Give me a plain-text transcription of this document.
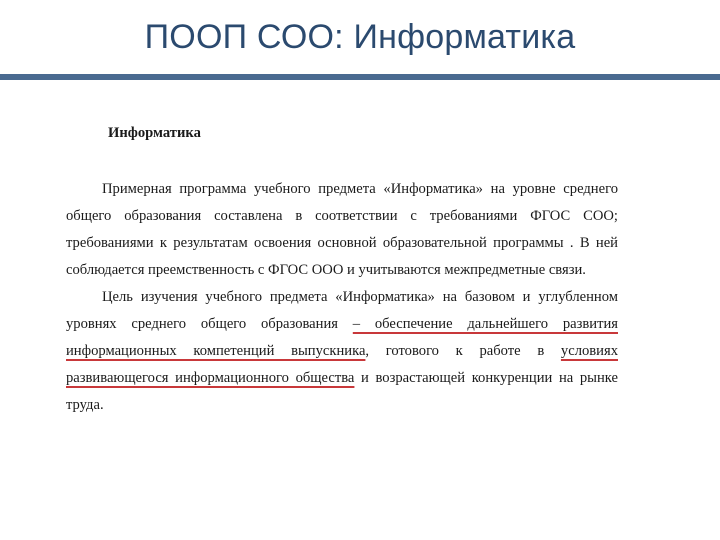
ПООП СОО: Информатика
Информатика

Примерная программа учебного предмета «Информатика» на уровне среднего общего образования составлена в соответствии с требованиями ФГОС СОО; требованиями к результатам освоения основной образовательной программы . В ней соблюдается преемственность с ФГОС ООО и учитываются межпредметные связи.

Цель изучения учебного предмета «Информатика» на базовом и углубленном уровнях среднего общего образования – обеспечение дальнейшего развития информационных компетенций выпускника, готового к работе в условиях развивающегося информационного общества и возрастающей конкуренции на рынке труда.
